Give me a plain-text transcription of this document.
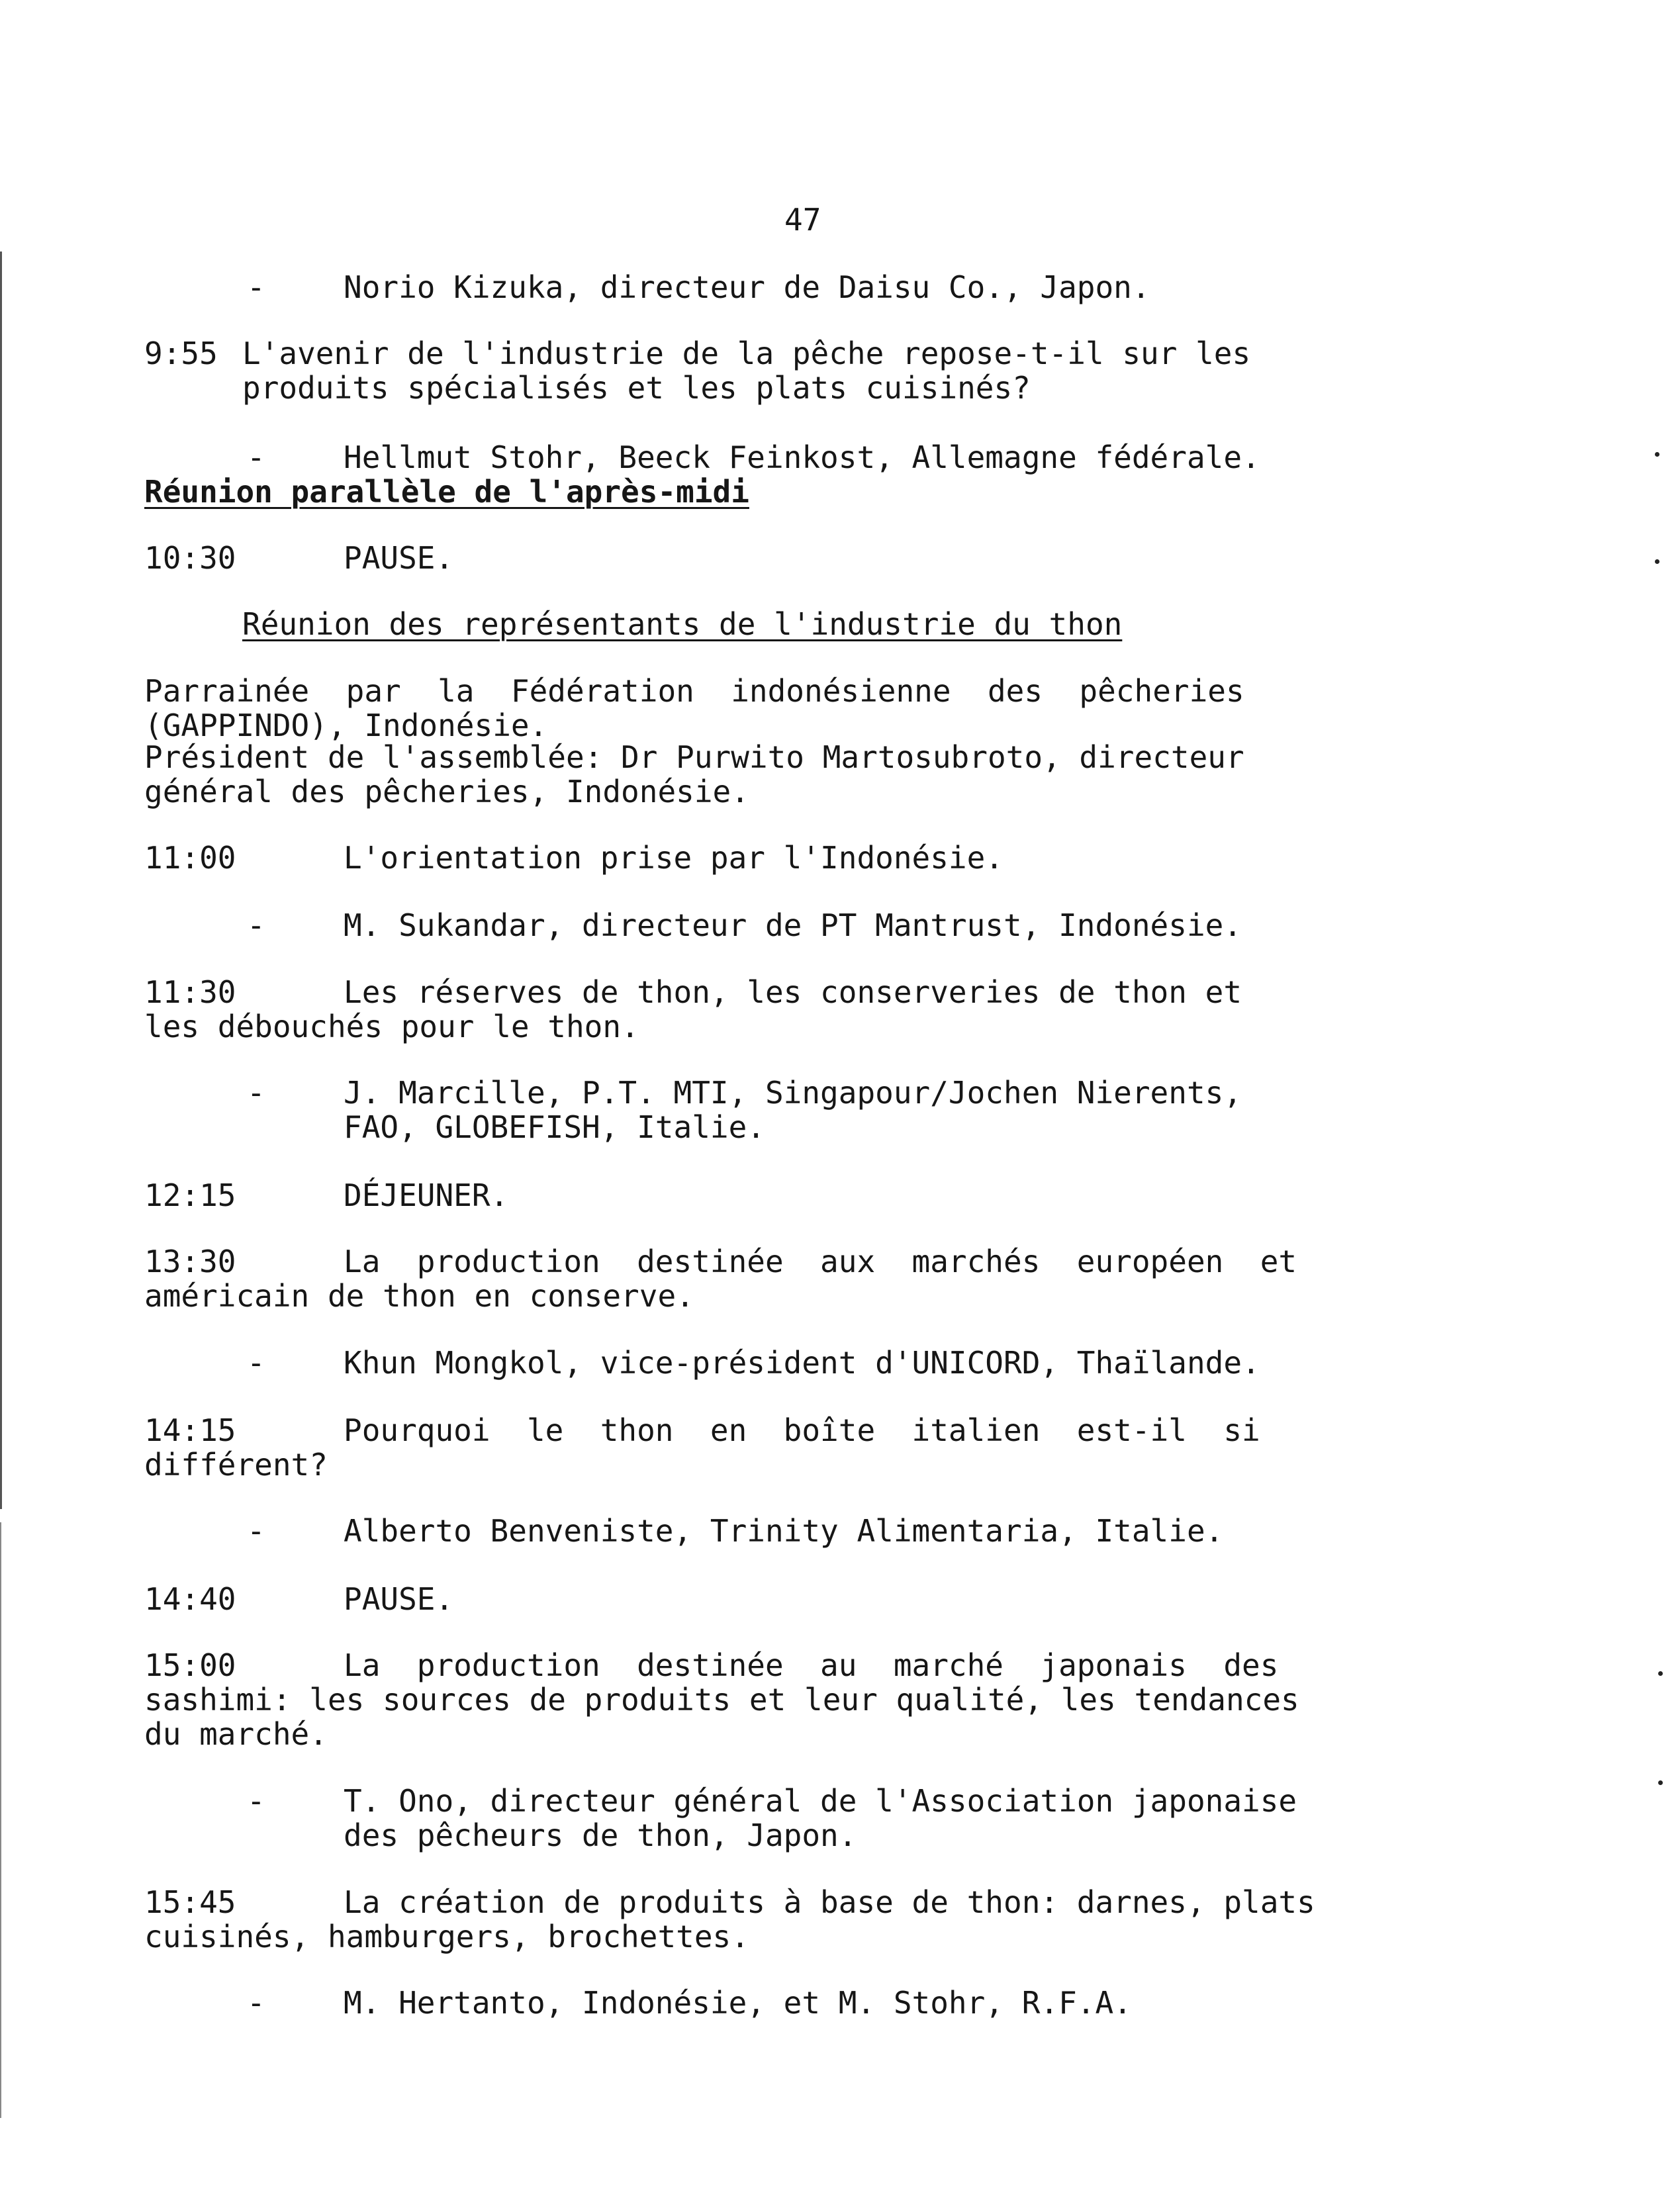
47
-	Norio Kizuka, directeur de Daisu Co., Japon.
9:55 L'avenir de l'industrie de la pêche repose-t-il sur les
produits spécialisés et les plats cuisinés?
-	Hellmut Stohr, Beeck Feinkost, Allemagne fédérale.
Réunion parallèle de l'après-midi
10:30	PAUSE.
Réunion des représentants de l'industrie du thon
Parrainée  par  la  Fédération  indonésienne  des  pêcheries
(GAPPINDO), Indonésie.
Président de l'assemblée: Dr Purwito Martosubroto, directeur
général des pêcheries, Indonésie.
11:00	L'orientation prise par l'Indonésie.
-	M. Sukandar, directeur de PT Mantrust, Indonésie.
11:30	Les réserves de thon, les conserveries de thon et
les débouchés pour le thon.
-	J. Marcille, P.T. MTI, Singapour/Jochen Nierents,
FAO, GLOBEFISH, Italie.
12:15	DÉJEUNER.
13:30	La  production  destinée  aux  marchés  européen  et
américain de thon en conserve.
-	Khun Mongkol, vice-président d'UNICORD, Thaïlande.
14:15	Pourquoi  le  thon  en  boîte  italien  est-il  si
différent?
-	Alberto Benveniste, Trinity Alimentaria, Italie.
14:40	PAUSE.
15:00	La  production  destinée  au  marché  japonais  des
sashimi: les sources de produits et leur qualité, les tendances
du marché.
-	T. Ono, directeur général de l'Association japonaise
des pêcheurs de thon, Japon.
15:45	La création de produits à base de thon: darnes, plats
cuisinés, hamburgers, brochettes.
-	M. Hertanto, Indonésie, et M. Stohr, R.F.A.
